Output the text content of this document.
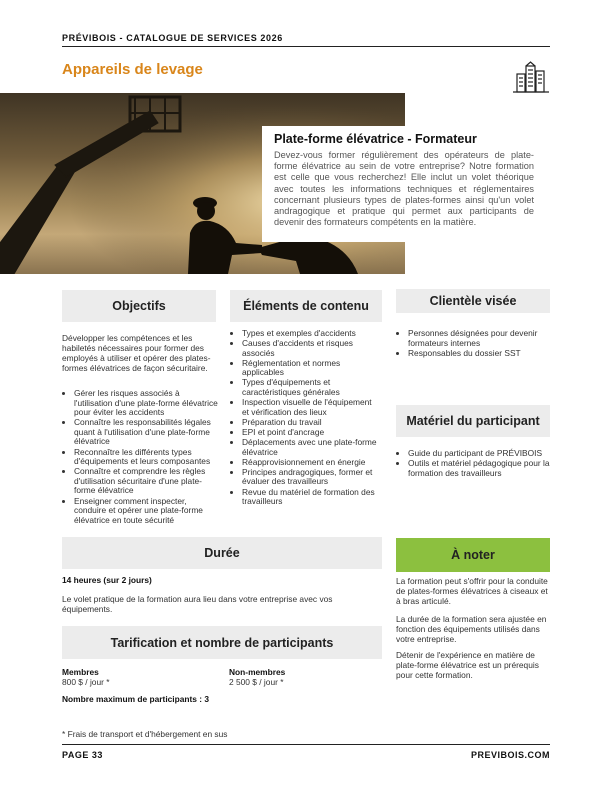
PRÉVIBOIS - CATALOGUE DE SERVICES 2026
Appareils de levage
Plate-forme élévatrice - Formateur
Devez-vous former régulièrement des opérateurs de plate-forme élévatrice au sein de votre entreprise? Notre formation est celle que vous recherchez! Elle inclut un volet théorique avec toutes les informations techniques et réglementaires concernant plusieurs types de plates-formes ainsi qu'un volet andragogique et pratique qui permet aux participants de devenir des formateurs compétents en la matière.
Objectifs
Développer les compétences et les habiletés nécessaires pour former des employés à utiliser et opérer des plates-formes élévatrices de façon sécuritaire.
• Gérer les risques associés à l'utilisation d'une plate-forme élévatrice pour éviter les accidents
• Connaître les responsabilités légales quant à l'utilisation d'une plate-forme élévatrice
• Reconnaître les différents types d'équipements et leurs composantes
• Connaître et comprendre les règles d'utilisation sécuritaire d'une plate-forme élévatrice
• Enseigner comment inspecter, conduire et opérer une plate-forme élévatrice en toute sécurité
Éléments de contenu
• Types et exemples d'accidents
• Causes d'accidents et risques associés
• Réglementation et normes applicables
• Types d'équipements et caractéristiques générales
• Inspection visuelle de l'équipement et vérification des lieux
• Préparation du travail
• EPI et point d'ancrage
• Déplacements avec une plate-forme élévatrice
• Réapprovisionnement en énergie
• Principes andragogiques, former et évaluer des travailleurs
• Revue du matériel de formation des travailleurs
Clientèle visée
• Personnes désignées pour devenir formateurs internes
• Responsables du dossier SST
Matériel du participant
• Guide du participant de PRÉVIBOIS
• Outils et matériel pédagogique pour la formation des travailleurs
Durée
14 heures (sur 2 jours)
Le volet pratique de la formation aura lieu dans votre entreprise avec vos équipements.
À noter
La formation peut s'offrir pour la conduite de plates-formes élévatrices à ciseaux et à bras articulé.
La durée de la formation sera ajustée en fonction des équipements utilisés dans votre entreprise.
Détenir de l'expérience en matière de plate-forme élévatrice est un prérequis pour cette formation.
Tarification et nombre de participants
Membres
800 $ / jour *
Non-membres
2 500 $ / jour *
Nombre maximum de participants : 3
* Frais de transport et d'hébergement en sus
PAGE 33	PREVIBOIS.COM
